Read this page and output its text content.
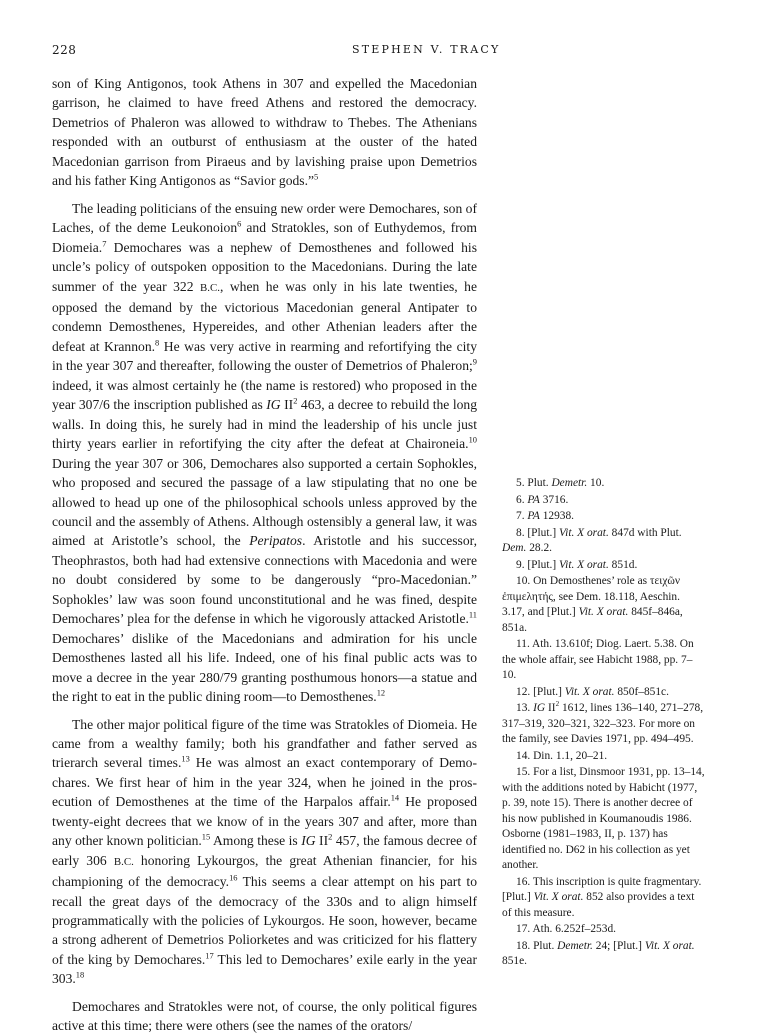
228	STEPHEN V. TRACY

son of King Antigonos, took Athens in 307 and expelled the Macedonian garrison, he claimed to have freed Athens and restored the democracy. Demetrios of Phaleron was allowed to withdraw to Thebes. The Athenians responded with an outburst of enthusiasm at the ouster of the hated Macedonian garrison from Piraeus and by lavishing praise upon Demetrios and his father King Antigonos as “Savior gods.”$^5$

The leading politicians of the ensuing new order were Demochares, son of Laches, of the deme Leukonoion$^6$ and Stratokles, son of Euthydemos, from Diomeia.$^7$ Demochares was a nephew of Demosthenes and followed his uncle’s policy of outspoken opposition to the Macedonians. During the late summer of the year 322 B.C., when he was only in his late twenties, he opposed the demand by the victorious Macedonian general Antipater to condemn Demosthenes, Hypereides, and other Athenian leaders after the defeat at Krannon.$^8$ He was very active in rearming and refortifying the city in the year 307 and thereafter, following the ouster of Demetrios of Phaleron;$^9$ indeed, it was almost certainly he (the name is restored) who proposed in the year 307/6 the inscription published as IG $II^2$ 463, a decree to rebuild the long walls. In doing this, he surely had in mind the leadership of his uncle just thirty years earlier in refortifying the city after the defeat at Chaironeia.$^{10}$ During the year 307 or 306, Demochares also supported a certain Sophokles, who proposed and secured the passage of a law stipulating that no one be allowed to head up one of the philosophical schools unless approved by the council and the assembly of Athens. Although ostensibly a general law, it was aimed at Aristotle’s school, the Peripatos. Aristotle and his successor, Theophrastos, both had had extensive connections with Macedonia and were no doubt considered by some to be dangerously “pro-Macedonian.” Sophokles’ law was soon found unconstitutional and he was fined, despite Demochares’ plea for the defense in which he vigorously attacked Aristotle.$^{11}$ Demochares’ dislike of the Macedonians and admiration for his uncle Demosthenes lasted all his life. Indeed, one of his final public acts was to move a decree in the year 280/79 granting posthumous honors—a statue and the right to eat in the public dining room—to Demosthenes.$^{12}$

The other major political figure of the time was Stratokles of Diomeia. He came from a wealthy family; both his grandfather and father served as trierarch several times.$^{13}$ He was almost an exact contemporary of Demochares. We first hear of him in the year 324, when he joined in the prosecution of Demosthenes at the time of the Harpalos affair.$^{14}$ He proposed twenty-eight decrees that we know of in the years 307 and after, more than any other known politician.$^{15}$ Among these is IG $II^2$ 457, the famous decree of early 306 B.C. honoring Lykourgos, the great Athenian financier, for his championing of the democracy.$^{16}$ This seems a clear attempt on his part to recall the great days of the democracy of the 330s and to align himself programmatically with the policies of Lykourgos. He soon, however, became a strong adherent of Demetrios Poliorketes and was criticized for his flattery of the king by Demochares.$^{17}$ This led to Demochares’ exile early in the year 303.18

Demochares and Stratokles were not, of course, the only political figures active at this time; there were others (see the names of the orators/

5. Plut. Demetr. 10.

6. PA 3716.

7. PA 12938.

8. [Plut.] Vit. X orat. 847d with Plut. Dem. 28.2.

9. [Plut.] Vit. X orat. 851d.

10. On Demosthenes’ role as τειχῶν ἐπιμελητής, see Dem. 18.118, Aeschin. 3.17, and [Plut.] Vit. X orat. 845f–846a, 851a.

11. Ath. 13.610f; Diog. Laert. 5.38. On the whole affair, see Habicht 1988, pp. 7–10.

12. [Plut.] Vit. X orat. 850f–851c.

13. IG $II^2$ 1612, lines 136–140, 271–278, 317–319, 320–321, 322–323. For more on the family, see Davies 1971, pp. 494–495.

14. Din. 1.1, 20–21.

15. For a list, Dinsmoor 1931, pp. 13–14, with the additions noted by Habicht (1977, p. 39, note 15). There is another decree of his now published in Koumanoudis 1986. Osborne (1981–1983, II, p. 137) has identified no. D62 in his collection as yet another.

16. This inscription is quite fragmentary. [Plut.] Vit. X orat. 852 also provides a text of this measure.

17. Ath. 6.252f–253d.

18. Plut. Demetr. 24; [Plut.] Vit. X orat. 851e.
